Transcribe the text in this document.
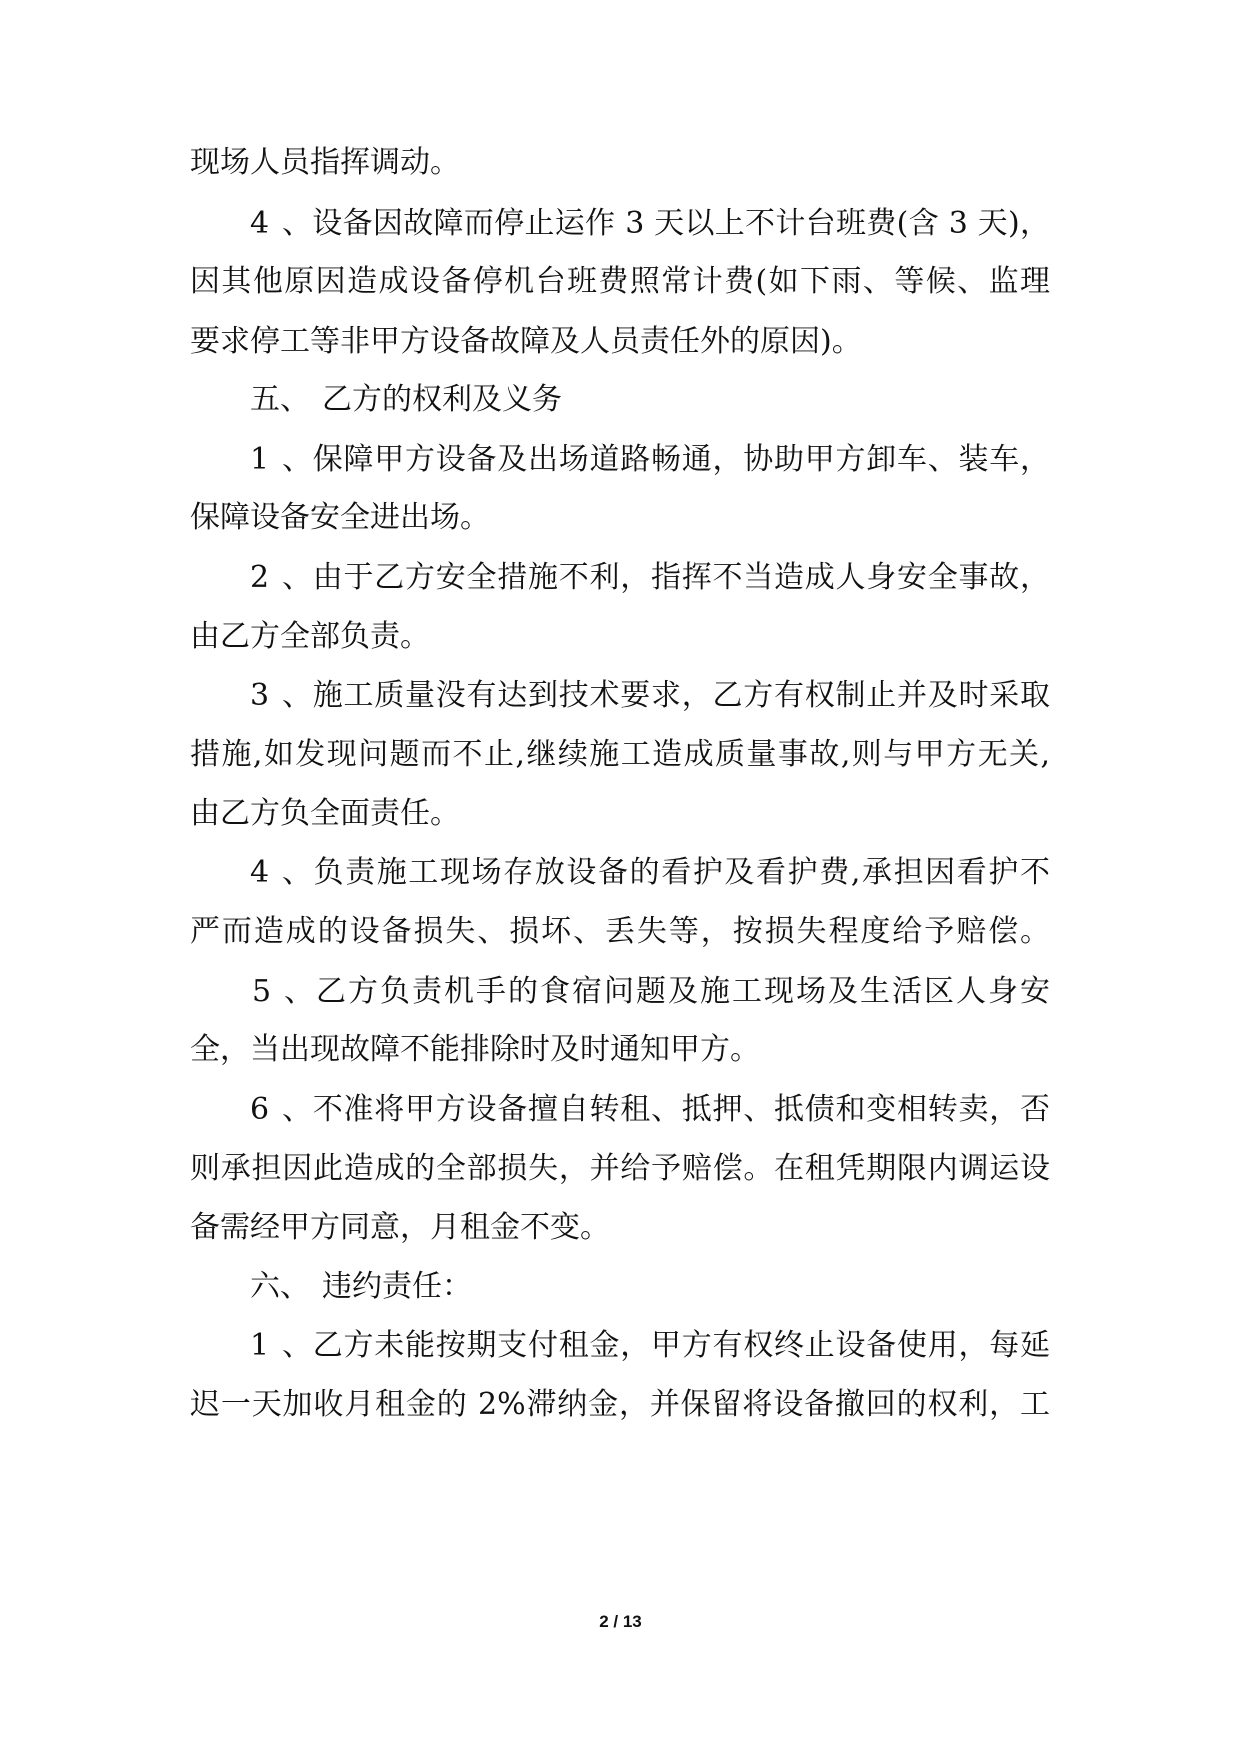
现场人员指挥调动。
4、设备因故障而停止运作 3 天以上不计台班费(含 3 天)，
因其他原因造成设备停机台班费照常计费(如下雨、等候、监理
要求停工等非甲方设备故障及人员责任外的原因)。
五、 乙方的权利及义务
1、保障甲方设备及出场道路畅通，协助甲方卸车、装车，
保障设备安全进出场。
2、由于乙方安全措施不利，指挥不当造成人身安全事故，
由乙方全部负责。
3、施工质量没有达到技术要求，乙方有权制止并及时采取
措施,如发现问题而不止,继续施工造成质量事故,则与甲方无关,
由乙方负全面责任。
4、负责施工现场存放设备的看护及看护费,承担因看护不
严而造成的设备损失、损坏、丢失等，按损失程度给予赔偿。
5、乙方负责机手的食宿问题及施工现场及生活区人身安
全，当出现故障不能排除时及时通知甲方。
6、不准将甲方设备擅自转租、抵押、抵债和变相转卖，否
则承担因此造成的全部损失，并给予赔偿。在租凭期限内调运设
备需经甲方同意，月租金不变。
六、 违约责任：
1、乙方未能按期支付租金，甲方有权终止设备使用，每延
迟一天加收月租金的 2%滞纳金，并保留将设备撤回的权利，工
2 / 13
